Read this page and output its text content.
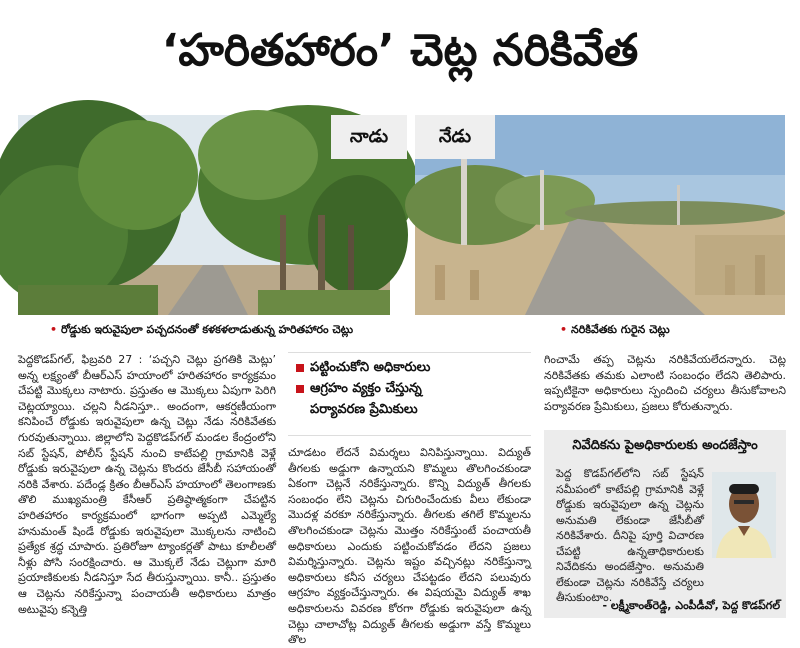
‘హరితహారం’ చెట్ల నరికివేత
నాడు	నేడు
• రోడ్డుకు ఇరువైపులా పచ్చదనంతో కళకళలాడుతున్న హరితహారం చెట్లు
•	నరికివేతకు గురైన చెట్లు

పెద్దకొడప్‌గల్‌, ఫిబ్రవరి 27 : ‘పచ్చని చెట్లు ప్రగతికి మెట్లు’ అన్న లక్ష్యంతో బీఆర్‌ఎస్‌ హయాంలో హరితహారం కార్యక్రమం చేపట్టి మొక్కలు నాటారు. ప్రస్తుతం ఆ మొక్కలు ఏపుగా పెరిగి చెట్లయ్యాయి. చల్లని నీడనిస్తూ.. అందంగా, ఆకర్షణీయంగా కనిపించే రోడ్డుకు ఇరువైపులా ఉన్న చెట్లు నేడు నరికివేతకు గురవుతున్నాయి. జిల్లాలోని పెద్దకొడప్‌గల్‌ మండల కేంద్రంలోని సబ్‌ స్టేషన్‌, పోలీస్‌ స్టేషన్‌ నుంచి కాటేపల్లి గ్రామానికి వెళ్లే రోడ్డుకు ఇరువైపులా ఉన్న చెట్లను కొందరు జేసీబీ సహాయంతో నరికి వేశారు. పదేండ్ల క్రితం బీఆర్‌ఎస్‌ హయాంలో తెలంగాణకు తొలి ముఖ్యమంత్రి కేసీఆర్‌ ప్రతిష్ఠాత్మకంగా చేపట్టిన హరితహారం కార్యక్రమంలో భాగంగా అప్పటి ఎమ్మెల్యే హనుమంత్‌ షిండే రోడ్డుకు ఇరువైపులా మొక్కలను నాటించి ప్రత్యేక శ్రద్ధ చూపారు. ప్రతిరోజూ ట్యాంకర్లతో పాటు కూలీలతో నీళ్లు పోసి సంరక్షించారు. ఆ మొక్కలే నేడు చెట్లుగా మారి ప్రయాణికులకు నీడనిస్తూ సేద తీరుస్తున్నాయి. కానీ.. ప్రస్తుతం ఆ చెట్లను నరికేస్తున్నా పంచాయతీ అధికారులు మాత్రం అటువైపు కన్నెత్తి

పట్టించుకోని అధికారులు
ఆగ్రహం వ్యక్తం చేస్తున్న
పర్యావరణ ప్రేమికులు

చూడటం లేదనే విమర్శలు వినిపిస్తున్నాయి. విద్యుత్‌ తీగలకు అడ్డుగా ఉన్నాయని కొమ్మలు తొలగించకుండా ఏకంగా చెట్లనే నరికేస్తున్నారు. కొన్ని విద్యుత్‌ తీగలకు సంబంధం లేని చెట్లను చిగురించేందుకు వీలు లేకుండా మొదళ్ల వరకూ నరికేస్తున్నారు. తీగలకు తగిలే కొమ్మలను తొలగించకుండా చెట్లను మొత్తం నరికేస్తుంటే పంచాయతీ అధికారులు ఎందుకు పట్టించుకోవడం లేదని ప్రజలు విమర్శిస్తున్నారు. చెట్లను ఇష్టం వచ్చినట్లు నరికేస్తున్నా అధికారులు కనీస చర్యలు చేపట్టడం లేదని పలువురు ఆగ్రహం వ్యక్తంచేస్తున్నారు. ఈ విషయమై విద్యుత్‌ శాఖ అధికారులను వివరణ కోరగా రోడ్డుకు ఇరువైపులా ఉన్న చెట్లు చాలాచోట్ల విద్యుత్‌ తీగలకు అడ్డుగా వస్తే కొమ్మలు తొల

గించామే తప్ప చెట్లను నరికివేయలేదన్నారు. చెట్ల నరికివేతకు తమకు ఎలాంటి సంబంధం లేదని తెలిపారు. ఇప్పటికైనా అధికారులు స్పందించి చర్యలు తీసుకోవాలని పర్యావరణ ప్రేమికులు, ప్రజలు కోరుతున్నారు.

నివేదికను పైఅధికారులకు అందజేస్తాం
పెద్ద కొడప్‌గల్‌లోని సబ్‌ స్టేషన్‌ సమీపంలో కాటేపల్లి గ్రామానికి వెళ్లే రోడ్డుకు ఇరువైపులా ఉన్న చెట్లను అనుమతి లేకుండా జేసీబీతో నరికివేశారు. దీనిపై పూర్తి విచారణ చేపట్టి ఉన్నతాధికారులకు నివేదికను అందజేస్తాం. అనుమతి లేకుండా చెట్లను నరికివేస్తే చర్యలు తీసుకుంటాం.
- లక్ష్మీకాంత్‌రెడ్డి, ఎంపీడీవో, పెద్ద కొడప్‌గల్‌
